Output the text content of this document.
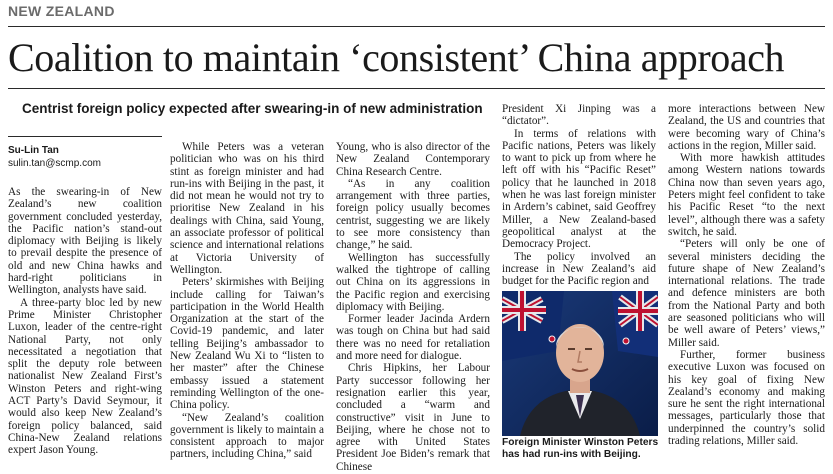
NEW ZEALAND
Coalition to maintain ‘consistent’ China approach
Centrist foreign policy expected after swearing-in of new administration
Su-Lin Tan
sulin.tan@scmp.com

As the swearing-in of New Zealand’s new coalition government concluded yesterday, the Pacific nation’s stand-out diplomacy with Beijing is likely to prevail despite the presence of old and new China hawks and hard-right politicians in Wellington, analysts have said.

A three-party bloc led by new Prime Minister Christopher Luxon, leader of the centre-right National Party, not only necessitated a negotiation that split the deputy role between nationalist New Zealand First’s Winston Peters and right-wing ACT Party’s David Seymour, it would also keep New Zealand’s foreign policy balanced, said China-New Zealand relations expert Jason Young.

While Peters was a veteran politician who was on his third stint as foreign minister and had run-ins with Beijing in the past, it did not mean he would not try to prioritise New Zealand in his dealings with China, said Young, an associate professor of political science and international relations at Victoria University of Wellington.

Peters’ skirmishes with Beijing include calling for Taiwan’s participation in the World Health Organization at the start of the Covid-19 pandemic, and later telling Beijing’s ambassador to New Zealand Wu Xi to “listen to her master” after the Chinese embassy issued a statement reminding Wellington of the one-China policy.

“New Zealand’s coalition government is likely to maintain a consistent approach to major partners, including China,” said

Young, who is also director of the New Zealand Contemporary China Research Centre.

“As in any coalition arrangement with three parties, foreign policy usually becomes centrist, suggesting we are likely to see more consistency than change,” he said.

Wellington has successfully walked the tightrope of calling out China on its aggressions in the Pacific region and exercising diplomacy with Beijing.

Former leader Jacinda Ardern was tough on China but had said there was no need for retaliation and more need for dialogue.

Chris Hipkins, her Labour Party successor following her resignation earlier this year, concluded a “warm and constructive” visit in June to Beijing, where he chose not to agree with United States President Joe Biden’s remark that Chinese

President Xi Jinping was a “dictator”.

In terms of relations with Pacific nations, Peters was likely to want to pick up from where he left off with his “Pacific Reset” policy that he launched in 2018 when he was last foreign minister in Ardern’s cabinet, said Geoffrey Miller, a New Zealand-based geopolitical analyst at the Democracy Project.

The policy involved an increase in New Zealand’s aid budget for the Pacific region and

Foreign Minister Winston Peters has had run-ins with Beijing.

more interactions between New Zealand, the US and countries that were becoming wary of China’s actions in the region, Miller said.

With more hawkish attitudes among Western nations towards China now than seven years ago, Peters might feel confident to take his Pacific Reset “to the next level”, although there was a safety switch, he said.

“Peters will only be one of several ministers deciding the future shape of New Zealand’s international relations. The trade and defence ministers are both from the National Party and both are seasoned politicians who will be well aware of Peters’ views,” Miller said.

Further, former business executive Luxon was focused on his key goal of fixing New Zealand’s economy and making sure he sent the right international messages, particularly those that underpinned the country’s solid trading relations, Miller said.
